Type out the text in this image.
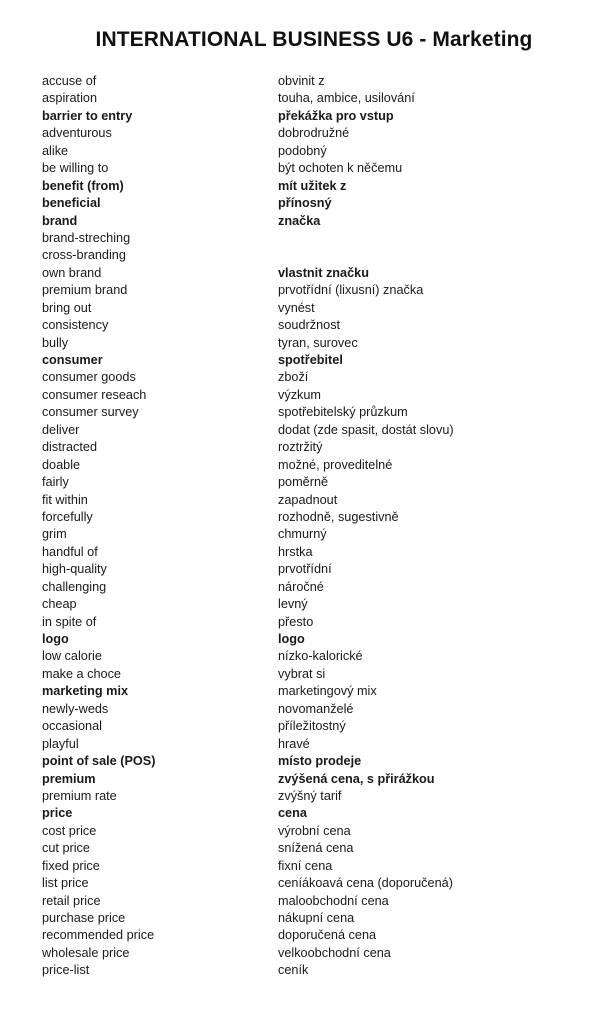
INTERNATIONAL BUSINESS U6 - Marketing
accuse of	obvinit z
aspiration	touha, ambice, usilování
barrier to entry	překážka pro vstup
adventurous	dobrodružné
alike	podobný
be willing to	být ochoten k něčemu
benefit (from)	mít užitek z
beneficial	přínosný
brand	značka
brand-streching
cross-branding
own brand	vlastnit značku
premium brand	prvotřídní (lixusní) značka
bring out	vynést
consistency	soudržnost
bully	tyran, surovec
consumer	spotřebitel
consumer goods	zboží
consumer reseach	výzkum
consumer survey	spotřebitelský průzkum
deliver	dodat (zde spasit, dostát slovu)
distracted	roztržitý
doable	možné, proveditelné
fairly	poměrně
fit within	zapadnout
forcefully	rozhodně, sugestivně
grim	chmurný
handful of	hrstka
high-quality	prvotřídní
challenging	náročné
cheap	levný
in spite of	přesto
logo	logo
low calorie	nízko-kalorické
make a choce	vybrat si
marketing mix	marketingový mix
newly-weds	novomanželé
occasional	příležitostný
playful	hravé
point of sale (POS)	místo prodeje
premium	zvýšená cena, s přirážkou
premium rate	zvýšný tarif
price	cena
cost price	výrobní cena
cut price	snížená cena
fixed price	fixní cena
list price	ceníákoavá cena (doporučená)
retail price	maloobchodní cena
purchase price	nákupní cena
recommended price	doporučená cena
wholesale price	velkoobchodní cena
price-list	ceník
